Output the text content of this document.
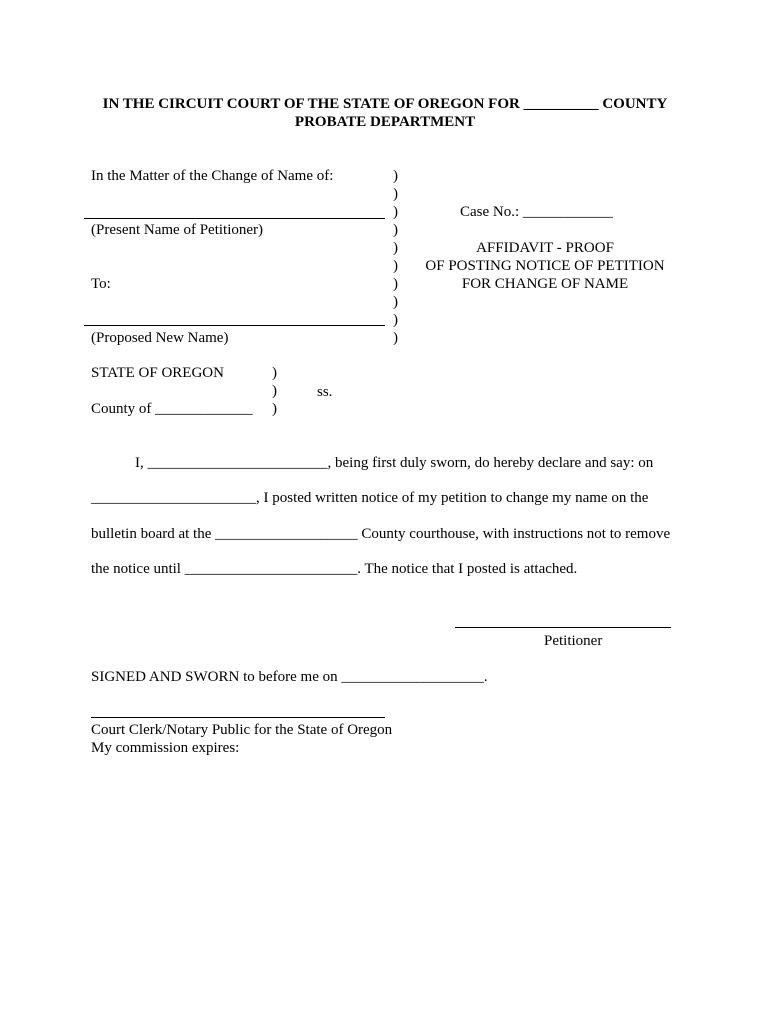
IN THE CIRCUIT COURT OF THE STATE OF OREGON FOR __________ COUNTY
PROBATE DEPARTMENT
In the Matter of the Change of Name of:
(Present Name of Petitioner)
To:
(Proposed New Name)
)
)
)
)
)
)
)
)
)
)
Case No.: ____________
AFFIDAVIT - PROOF
OF POSTING NOTICE OF PETITION
FOR CHANGE OF NAME
STATE OF OREGON
County of _____________
)
)
)
ss.
I, ________________________, being first duly sworn, do hereby declare and say: on
______________________, I posted written notice of my petition to change my name on the
bulletin board at the ___________________ County courthouse, with instructions not to remove
the notice until _______________________. The notice that I posted is attached.
Petitioner
SIGNED AND SWORN to before me on ___________________.
Court Clerk/Notary Public for the State of Oregon
My commission expires:
